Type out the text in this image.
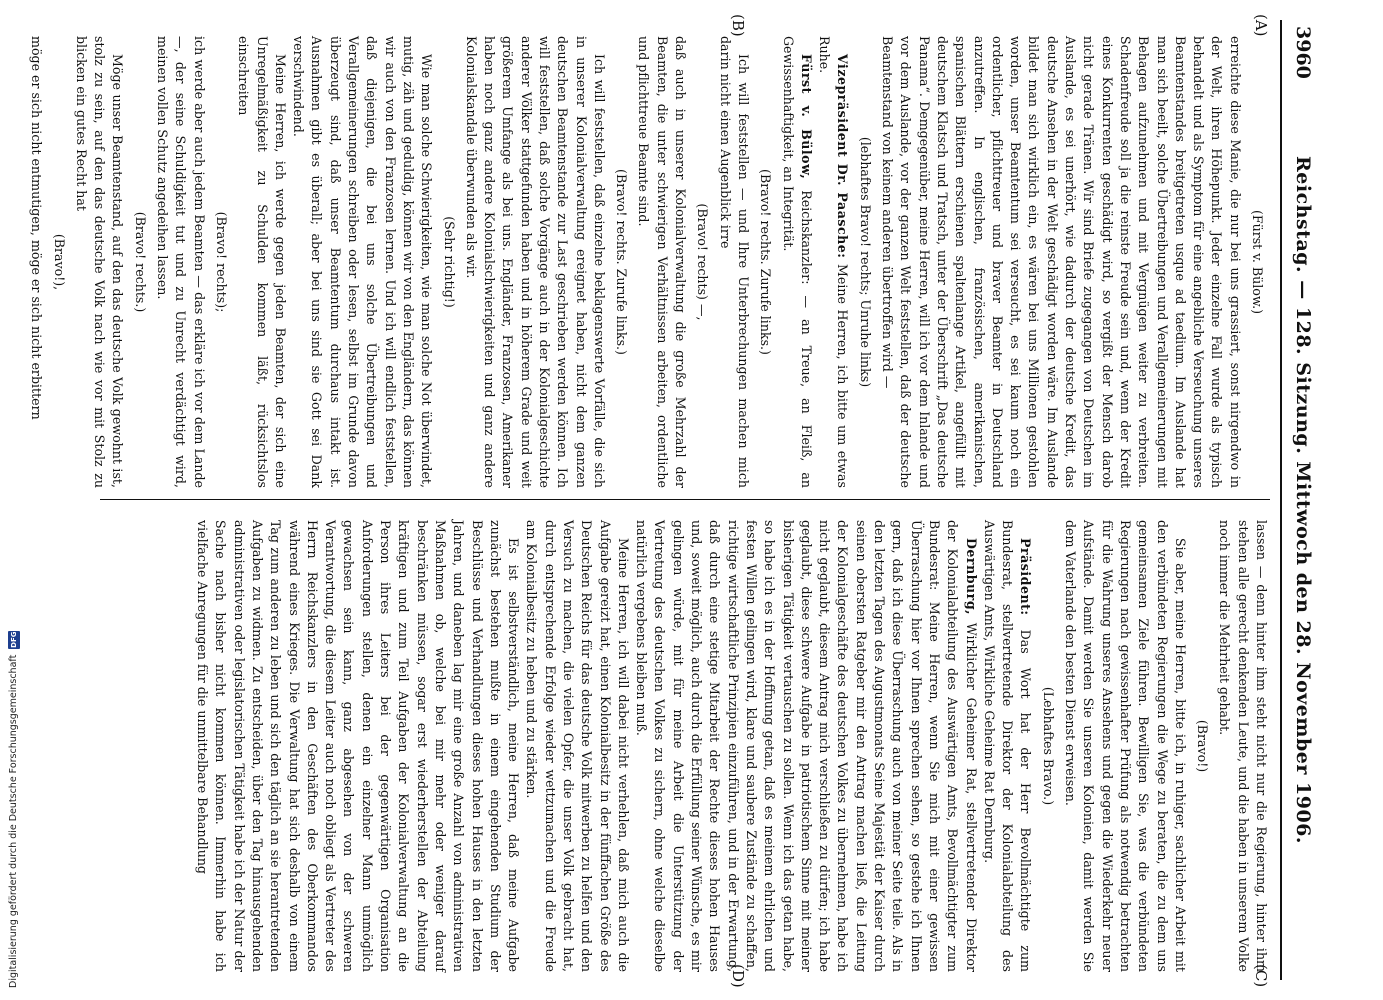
3960
Reichstag. — 128. Sitzung. Mittwoch den 28. November 1906.
(A)
(B)
(C)
(D)

(Fürst v. Bülow.)

erreichte diese Manie, die nur bei uns grassiert, sonst nirgendwo in der Welt, ihren Höhepunkt. Jeder einzelne Fall wurde als typisch behandelt und als Symptom für eine angebliche Verseuchung unseres Beamtenstandes breitgetreten usque ad taedium. Im Auslande hat man sich beeilt, solche Übertreibungen und Verallgemeinerungen mit Behagen aufzunehmen und mit Vergnügen weiter zu verbreiten. Schadenfreude soll ja die reinste Freude sein und, wenn der Kredit eines Konkurrenten geschädigt wird, so vergißt der Mensch darob nicht gerade Tränen. Wir sind Briefe zugegangen von Deutschen im Auslande, es sei unerhört, wie dadurch der deutsche Kredit, das deutsche Ansehen in der Welt geschädigt worden wäre. Im Auslande bildet man sich wirklich ein, es wären bei uns Millionen gestohlen worden, unser Beamtentum sei verseucht, es sei kaum noch ein ordentlicher, pflichttreuer und braver Beamter in Deutschland anzutreffen. In englischen, französischen, amerikanischen, spanischen Blättern erschienen spaltenlange Artikel, angefüllt mit deutschem Klatsch und Tratsch, unter der Überschrift „Das deutsche Panama“. Demgegenüber, meine Herren, will ich vor dem Inlande und vor dem Auslande, vor der ganzen Welt feststellen, daß der deutsche Beamtenstand von keinem anderen übertroffen wird —

(lebhaftes Bravo! rechts; Unruhe links)

Vizepräsident Dr. Paasche: Meine Herren, ich bitte um etwas Ruhe.

Fürst v. Bülow, Reichskanzler: — an Treue, an Fleiß, an Gewissenhaftigkeit, an Integrität.

(Bravo! rechts. Zurufe links.)

Ich will feststellen — und Ihre Unterbrechungen machen mich darin nicht einen Augenblick irre

(Bravo! rechts) —,

daß auch in unserer Kolonialverwaltung die große Mehrzahl der Beamten, die unter schwierigen Verhältnissen arbeiten, ordentliche und pflichttreue Beamte sind.

(Bravo! rechts. Zurufe links.)

Ich will feststellen, daß einzelne beklagenswerte Vorfälle, die sich in unserer Kolonialverwaltung ereignet haben, nicht dem ganzen deutschen Beamtenstande zur Last geschrieben werden können. Ich will feststellen, daß solche Vorgänge auch in der Kolonialgeschichte anderer Völker stattgefunden haben und in höherem Grade und weit größerem Umfange als bei uns. Engländer, Franzosen, Amerikaner haben noch ganz andere Kolonialschwierigkeiten und ganz andere Kolonialskandale überwunden als wir.

(Sehr richtig!)

Wie man solche Schwierigkeiten, wie man solche Not überwindet, mutig, zäh und geduldig, können wir von den Engländern, das können wir auch von den Franzosen lernen. Und ich will endlich feststellen, daß diejenigen, die bei uns solche Übertreibungen und Verallgemeinerungen schreiben oder lesen, selbst im Grunde davon überzeugt sind, daß unser Beamtentum durchaus intakt ist. Ausnahmen gibt es überall; aber bei uns sind sie Gott sei Dank verschwindend.

Meine Herren, ich werde gegen jeden Beamten, der sich eine Unregelmäßigkeit zu Schulden kommen läßt, rücksichtslos einschreiten

(Bravo! rechts);

ich werde aber auch jedem Beamten — das erkläre ich vor dem Lande —, der seine Schuldigkeit tut und zu Unrecht verdächtigt wird, meinen vollen Schutz angedeihen lassen.

(Bravo! rechts.)

Möge unser Beamtenstand, auf den das deutsche Volk gewohnt ist, stolz zu sein, auf den das deutsche Volk nach wie vor mit Stolz zu blicken ein gutes Recht hat

(Bravo!),

möge er sich nicht entmutigen, möge er sich nicht erbittern

lassen — denn hinter ihm steht nicht nur die Regierung, hinter ihm stehen alle gerecht denkenden Leute, und die haben in unserem Volke noch immer die Mehrheit gehabt.

(Bravo!)

Sie aber, meine Herren, bitte ich, in ruhiger, sachlicher Arbeit mit den verbündeten Regierungen die Wege zu beraten, die zu dem uns gemeinsamen Ziele führen. Bewilligen Sie, was die verbündeten Regierungen nach gewissenhafter Prüfung als notwendig betrachten für die Wahrung unseres Ansehens und gegen die Wiederkehr neuer Aufstände. Damit werden Sie unseren Kolonien, damit werden Sie dem Vaterlande den besten Dienst erweisen.

(Lebhaftes Bravo.)

Präsident: Das Wort hat der Herr Bevollmächtigte zum Bundesrat, stellvertretende Direktor der Kolonialabteilung des Auswärtigen Amts, Wirkliche Geheime Rat Dernburg.

Dernburg, Wirklicher Geheimer Rat, stellvertretender Direktor der Kolonialabteilung des Auswärtigen Amts, Bevollmächtigter zum Bundesrat: Meine Herren, wenn Sie mich mit einer gewissen Überraschung hier vor Ihnen sprechen sehen, so gestehe ich Ihnen gern, daß ich diese Überraschung auch von meiner Seite teile. Als in den letzten Tagen des Augustmonats Seine Majestät der Kaiser durch seinen obersten Ratgeber mir den Antrag machen ließ, die Leitung der Kolonialgeschäfte des deutschen Volkes zu übernehmen, habe ich nicht geglaubt, diesem Antrag mich verschließen zu dürfen; ich habe geglaubt, diese schwere Aufgabe in patriotischem Sinne mit meiner bisherigen Tätigkeit vertauschen zu sollen. Wenn ich das getan habe, so habe ich es in der Hoffnung getan, daß es meinem ehrlichen und festen Willen gelingen wird, klare und saubere Zustände zu schaffen, richtige wirtschaftliche Prinzipien einzuführen, und in der Erwartung, daß durch eine stetige Mitarbeit der Rechte dieses hohen Hauses und, soweit möglich, auch durch die Erfüllung seiner Wünsche, es mir gelingen würde, mit für meine Arbeit die Unterstützung der Vertretung des deutschen Volkes zu sichern, ohne welche dieselbe natürlich vergebens bleiben muß.

Meine Herren, ich will dabei nicht verhehlen, daß mich auch die Aufgabe gereizt hat, einen Kolonialbesitz in der fünffachen Größe des Deutschen Reichs für das deutsche Volk mitwerben zu helfen und den Versuch zu machen, die vielen Opfer, die unser Volk gebracht hat, durch entsprechende Erfolge wieder wettzumachen und die Freude am Kolonialbesitz zu heben und zu stärken.

Es ist selbstverständlich, meine Herren, daß meine Aufgabe zunächst bestehen mußte in einem eingehenden Studium der Beschlüsse und Verhandlungen dieses hohen Hauses in den letzten Jahren, und daneben lag mir eine große Anzahl von administrativen Maßnahmen ob, welche bei mir mehr oder weniger darauf beschränken müssen, sogar erst wiederherstellen der Abteilung kräftigen und zum Teil Aufgaben der Kolonialverwaltung an die Person ihres Leiters bei der gegenwärtigen Organisation Anforderungen stellen, denen ein einzelner Mann unmöglich gewachsen sein kann, ganz abgesehen von der schweren Verantwortung, die diesem Leiter auch noch obliegt als Vertreter des Herrn Reichskanzlers in den Geschäften des Oberkommandos während eines Krieges. Die Verwaltung hat sich deshalb von einem Tag zum anderen zu leben und sich den täglich an sie herantretenden Aufgaben zu widmen. Zu entscheiden, über den Tag hinausgehenden administrativen oder legislatorischen Tätigkeit habe ich der Natur der Sache nach bisher nicht kommen können. Immerhin habe ich vielfache Anregungen für die unmittelbare Behandlung

Digitalisierung gefördert durch die Deutsche Forschungsgemeinschaft
DFG
